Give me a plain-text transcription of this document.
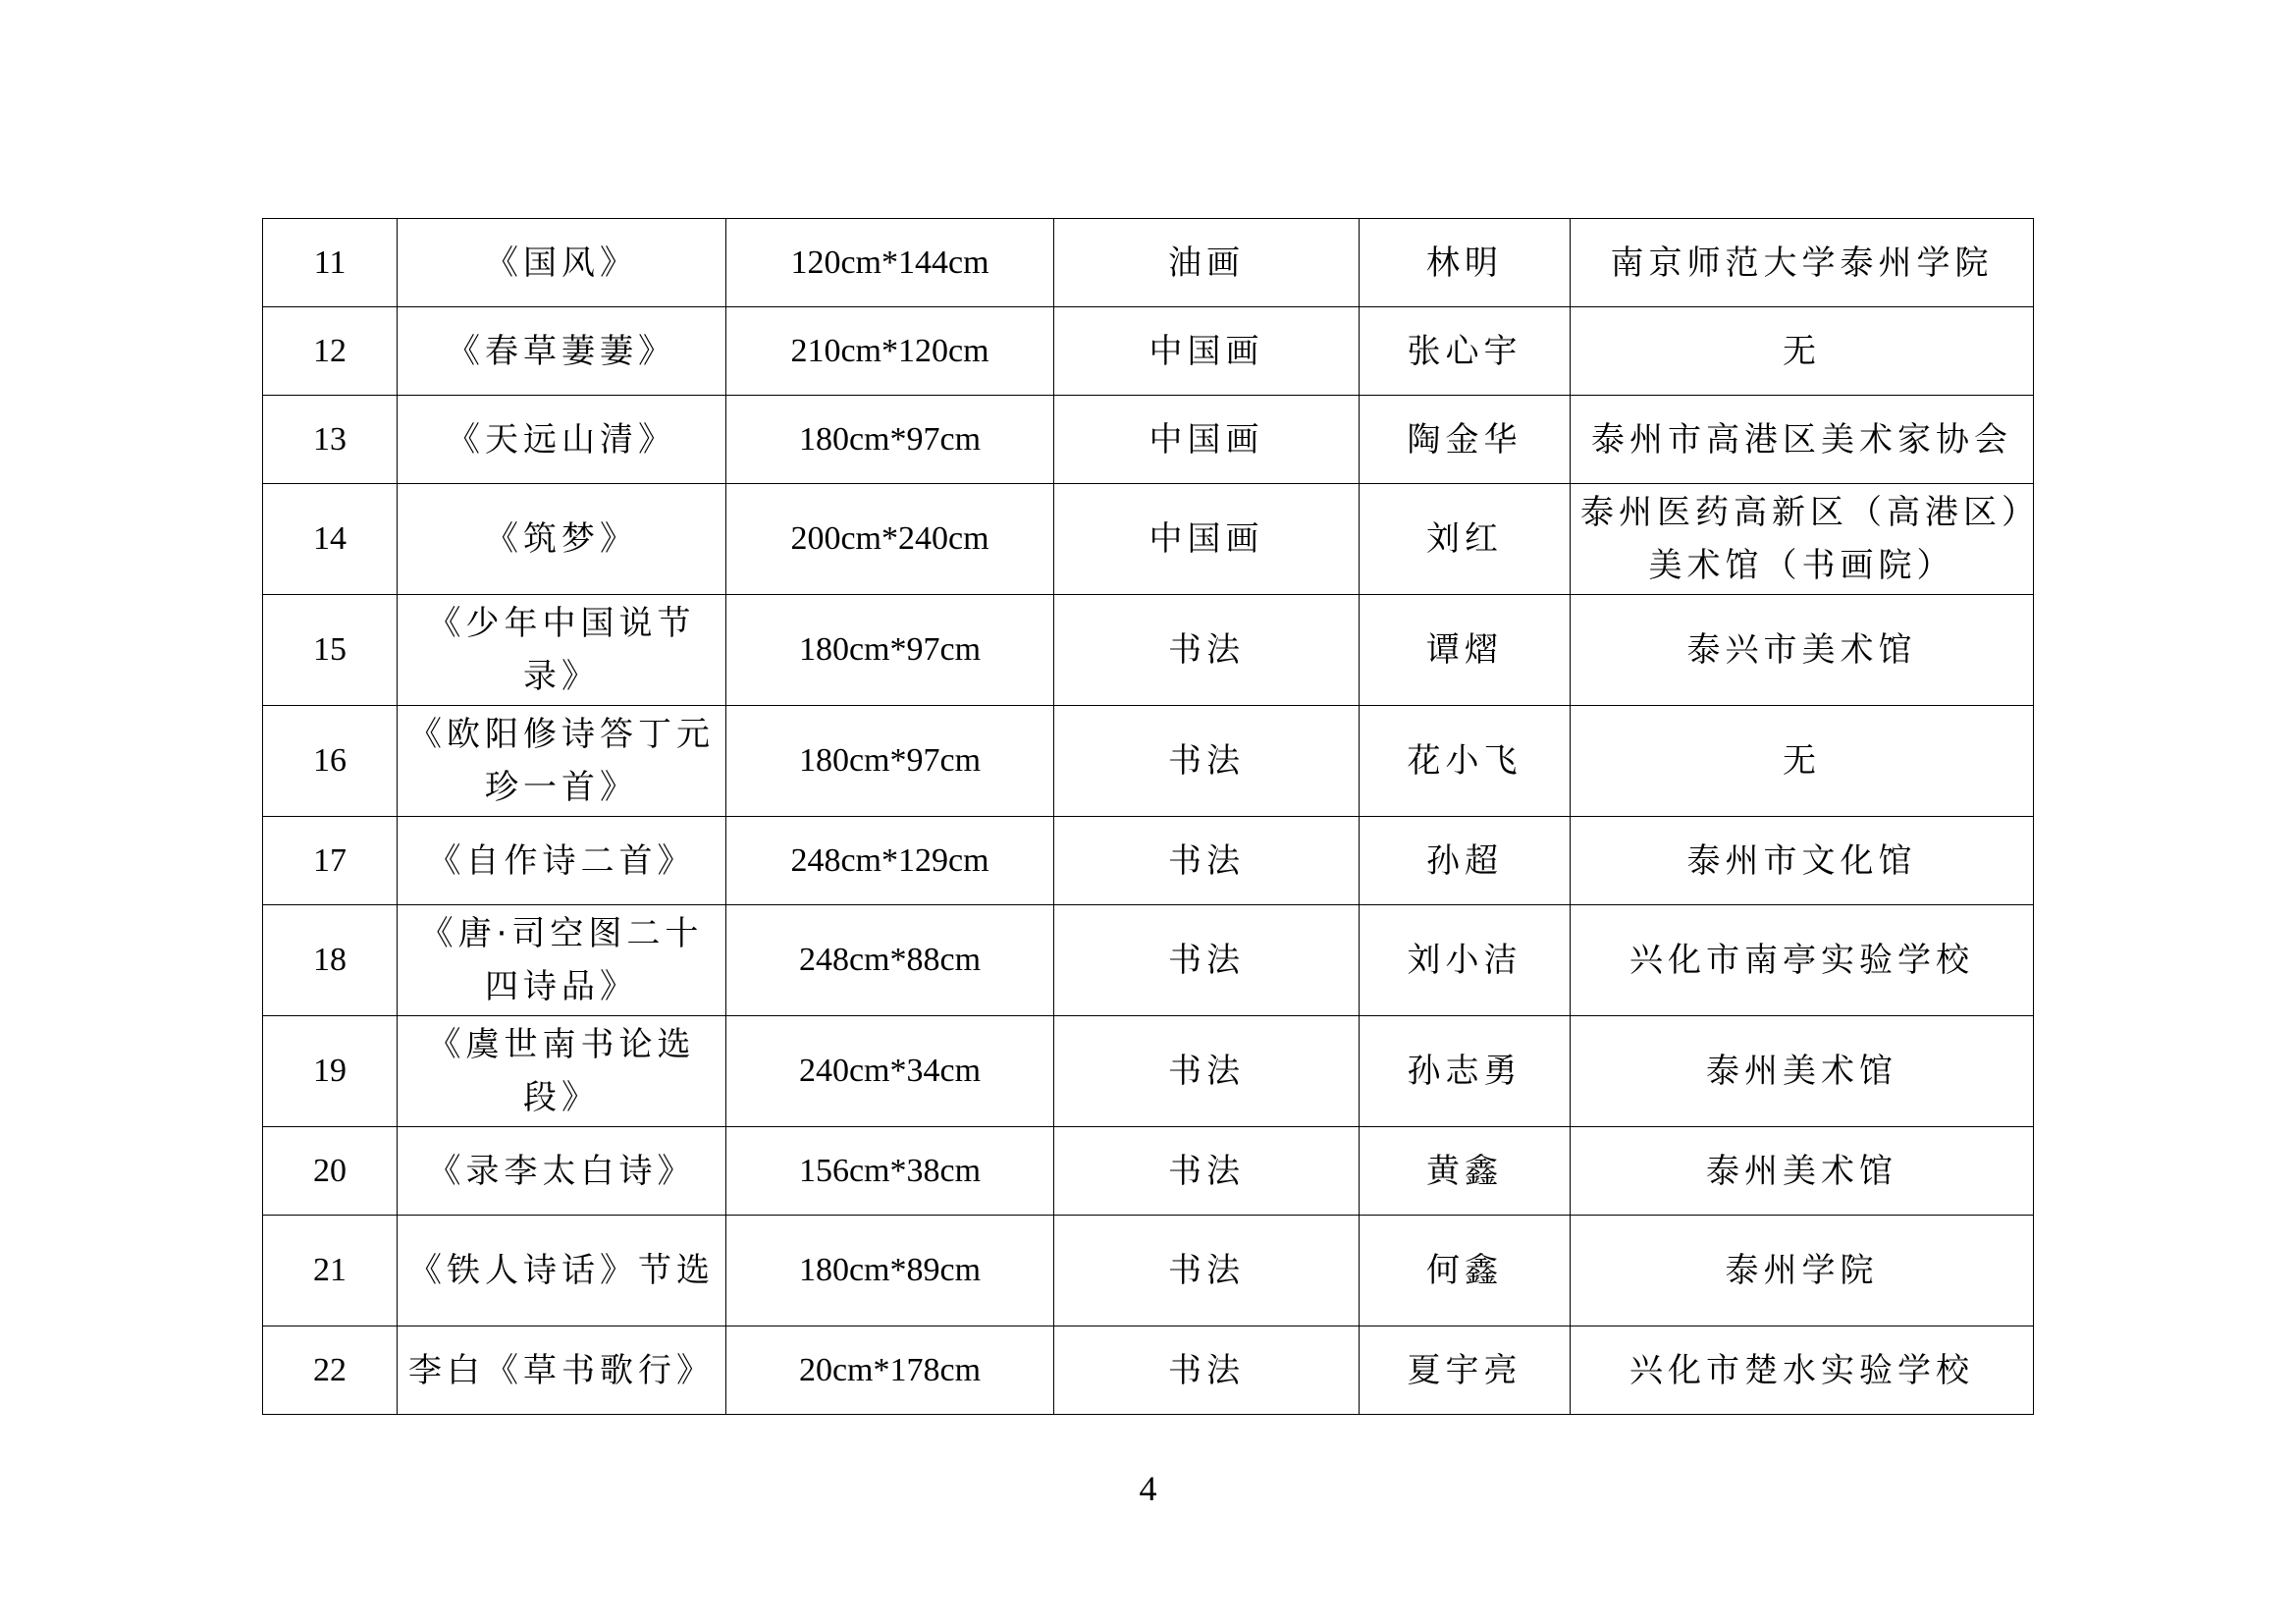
11	《国风》	120cm*144cm	油画	林明	南京师范大学泰州学院
12	《春草萋萋》	210cm*120cm	中国画	张心宇	无
13	《天远山清》	180cm*97cm	中国画	陶金华	泰州市高港区美术家协会
14	《筑梦》	200cm*240cm	中国画	刘红	泰州医药高新区（高港区）美术馆（书画院）
15	《少年中国说节录》	180cm*97cm	书法	谭熠	泰兴市美术馆
16	《欧阳修诗答丁元珍一首》	180cm*97cm	书法	花小飞	无
17	《自作诗二首》	248cm*129cm	书法	孙超	泰州市文化馆
18	《唐·司空图二十四诗品》	248cm*88cm	书法	刘小洁	兴化市南亭实验学校
19	《虞世南书论选段》	240cm*34cm	书法	孙志勇	泰州美术馆
20	《录李太白诗》	156cm*38cm	书法	黄鑫	泰州美术馆
21	《铁人诗话》节选	180cm*89cm	书法	何鑫	泰州学院
22	李白《草书歌行》	20cm*178cm	书法	夏宇亮	兴化市楚水实验学校
4
